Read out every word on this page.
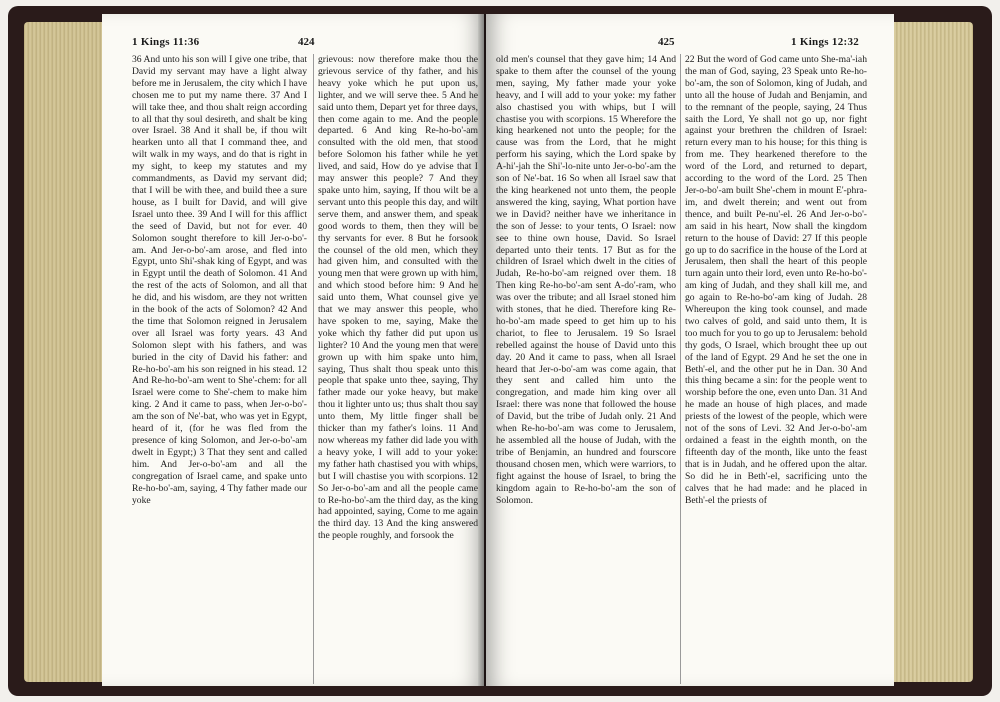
1 Kings 11:36	424

36 And unto his son will I give one tribe, that David my servant may have a light alway before me in Jerusalem, the city which I have chosen me to put my name there. 37 And I will take thee, and thou shalt reign according to all that thy soul desireth, and shalt be king over Israel. 38 And it shall be, if thou wilt hearken unto all that I command thee, and wilt walk in my ways, and do that is right in my sight, to keep my statutes and my commandments, as David my servant did; that I will be with thee, and build thee a sure house, as I built for David, and will give Israel unto thee. 39 And I will for this afflict the seed of David, but not for ever. 40 Solomon sought therefore to kill Jer-o-bo'-am. And Jer-o-bo'-am arose, and fled into Egypt, unto Shi'-shak king of Egypt, and was in Egypt until the death of Solomon. 41 And the rest of the acts of Solomon, and all that he did, and his wisdom, are they not written in the book of the acts of Solomon? 42 And the time that Solomon reigned in Jerusalem over all Israel was forty years. 43 And Solomon slept with his fathers, and was buried in the city of David his father: and Re-ho-bo'-am his son reigned in his stead. 12 And Re-ho-bo'-am went to She'-chem: for all Israel were come to She'-chem to make him king. 2 And it came to pass, when Jer-o-bo'-am the son of Ne'-bat, who was yet in Egypt, heard of it, (for he was fled from the presence of king Solomon, and Jer-o-bo'-am dwelt in Egypt;) 3 That they sent and called him. And Jer-o-bo'-am and all the congregation of Israel came, and spake unto Re-ho-bo'-am, saying, 4 Thy father made our yoke

grievous: now therefore make thou the grievous service of thy father, and his heavy yoke which he put upon us, lighter, and we will serve thee. 5 And he said unto them, Depart yet for three days, then come again to me. And the people departed. 6 And king Re-ho-bo'-am consulted with the old men, that stood before Solomon his father while he yet lived, and said, How do ye advise that I may answer this people? 7 And they spake unto him, saying, If thou wilt be a servant unto this people this day, and wilt serve them, and answer them, and speak good words to them, then they will be thy servants for ever. 8 But he forsook the counsel of the old men, which they had given him, and consulted with the young men that were grown up with him, and which stood before him: 9 And he said unto them, What counsel give ye that we may answer this people, who have spoken to me, saying, Make the yoke which thy father did put upon us lighter? 10 And the young men that were grown up with him spake unto him, saying, Thus shalt thou speak unto this people that spake unto thee, saying, Thy father made our yoke heavy, but make thou it lighter unto us; thus shalt thou say unto them, My little finger shall be thicker than my father's loins. 11 And now whereas my father did lade you with a heavy yoke, I will add to your yoke: my father hath chastised you with whips, but I will chastise you with scorpions. 12 So Jer-o-bo'-am and all the people came to Re-ho-bo'-am the third day, as the king had appointed, saying, Come to me again the third day. 13 And the king answered the people roughly, and forsook the

425	1 Kings 12:32

old men's counsel that they gave him; 14 And spake to them after the counsel of the young men, saying, My father made your yoke heavy, and I will add to your yoke: my father also chastised you with whips, but I will chastise you with scorpions. 15 Wherefore the king hearkened not unto the people; for the cause was from the Lord, that he might perform his saying, which the Lord spake by A-hi'-jah the Shi'-lo-nite unto Jer-o-bo'-am the son of Ne'-bat. 16 So when all Israel saw that the king hearkened not unto them, the people answered the king, saying, What portion have we in David? neither have we inheritance in the son of Jesse: to your tents, O Israel: now see to thine own house, David. So Israel departed unto their tents. 17 But as for the children of Israel which dwelt in the cities of Judah, Re-ho-bo'-am reigned over them. 18 Then king Re-ho-bo'-am sent A-do'-ram, who was over the tribute; and all Israel stoned him with stones, that he died. Therefore king Re-ho-bo'-am made speed to get him up to his chariot, to flee to Jerusalem. 19 So Israel rebelled against the house of David unto this day. 20 And it came to pass, when all Israel heard that Jer-o-bo'-am was come again, that they sent and called him unto the congregation, and made him king over all Israel: there was none that followed the house of David, but the tribe of Judah only. 21 And when Re-ho-bo'-am was come to Jerusalem, he assembled all the house of Judah, with the tribe of Benjamin, an hundred and fourscore thousand chosen men, which were warriors, to fight against the house of Israel, to bring the kingdom again to Re-ho-bo'-am the son of Solomon.

22 But the word of God came unto She-ma'-iah the man of God, saying, 23 Speak unto Re-ho-bo'-am, the son of Solomon, king of Judah, and unto all the house of Judah and Benjamin, and to the remnant of the people, saying, 24 Thus saith the Lord, Ye shall not go up, nor fight against your brethren the children of Israel: return every man to his house; for this thing is from me. They hearkened therefore to the word of the Lord, and returned to depart, according to the word of the Lord. 25 Then Jer-o-bo'-am built She'-chem in mount E'-phra-im, and dwelt therein; and went out from thence, and built Pe-nu'-el. 26 And Jer-o-bo'-am said in his heart, Now shall the kingdom return to the house of David: 27 If this people go up to do sacrifice in the house of the Lord at Jerusalem, then shall the heart of this people turn again unto their lord, even unto Re-ho-bo'-am king of Judah, and they shall kill me, and go again to Re-ho-bo'-am king of Judah. 28 Whereupon the king took counsel, and made two calves of gold, and said unto them, It is too much for you to go up to Jerusalem: behold thy gods, O Israel, which brought thee up out of the land of Egypt. 29 And he set the one in Beth'-el, and the other put he in Dan. 30 And this thing became a sin: for the people went to worship before the one, even unto Dan. 31 And he made an house of high places, and made priests of the lowest of the people, which were not of the sons of Levi. 32 And Jer-o-bo'-am ordained a feast in the eighth month, on the fifteenth day of the month, like unto the feast that is in Judah, and he offered upon the altar. So did he in Beth'-el, sacrificing unto the calves that he had made: and he placed in Beth'-el the priests of
